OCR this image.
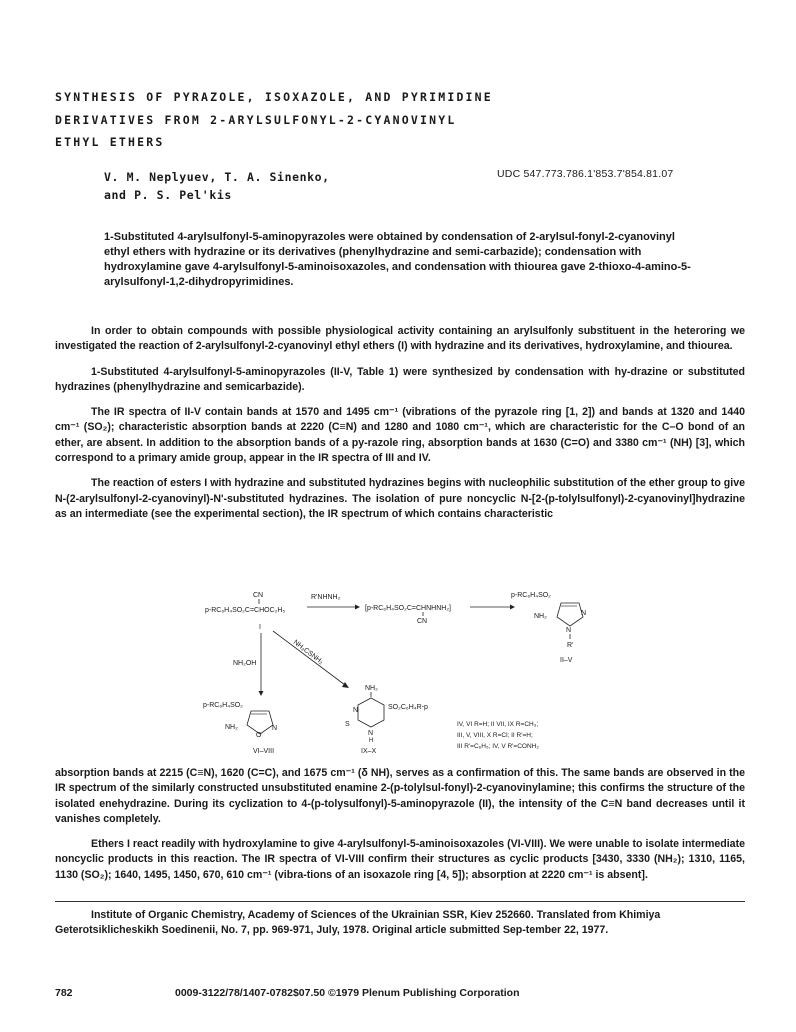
SYNTHESIS OF PYRAZOLE, ISOXAZOLE, AND PYRIMIDINE
DERIVATIVES FROM 2-ARYLSULFONYL-2-CYANOVINYL
ETHYL ETHERS
V. M. Neplyuev, T. A. Sinenko,
and P. S. Pel'kis
UDC 547.773.786.1'853.7'854.81.07
1-Substituted 4-arylsulfonyl-5-aminopyrazoles were obtained by condensation of 2-arylsul-fonyl-2-cyanovinyl ethyl ethers with hydrazine or its derivatives (phenylhydrazine and semi-carbazide); condensation with hydroxylamine gave 4-arylsulfonyl-5-aminoisoxazoles, and condensation with thiourea gave 2-thioxo-4-amino-5-arylsulfonyl-1,2-dihydropyrimidines.

In order to obtain compounds with possible physiological activity containing an arylsulfonly substituent in the heteroring we investigated the reaction of 2-arylsulfonyl-2-cyanovinyl ethyl ethers (I) with hydrazine and its derivatives, hydroxylamine, and thiourea.

1-Substituted 4-arylsulfonyl-5-aminopyrazoles (II-V, Table 1) were synthesized by condensation with hy-drazine or substituted hydrazines (phenylhydrazine and semicarbazide).

The IR spectra of II-V contain bands at 1570 and 1495 cm⁻¹ (vibrations of the pyrazole ring [1, 2]) and bands at 1320 and 1440 cm⁻¹ (SO₂); characteristic absorption bands at 2220 (C≡N) and 1280 and 1080 cm⁻¹, which are characteristic for the C–O bond of an ether, are absent. In addition to the absorption bands of a py-razole ring, absorption bands at 1630 (C=O) and 3380 cm⁻¹ (NH) [3], which correspond to a primary amide group, appear in the IR spectra of III and IV.

The reaction of esters I with hydrazine and substituted hydrazines begins with nucleophilic substitution of the ether group to give N-(2-arylsulfonyl-2-cyanovinyl)-N'-substituted hydrazines. The isolation of pure noncyclic N-[2-(p-tolylsulfonyl)-2-cyanovinyl]hydrazine as an intermediate (see the experimental section), the IR spectrum of which contains characteristic

CN
p-RC₆H₄SO₂C=CHOC₂H₅
I
R'NHNH₂
[p-RC₆H₄SO₂C=CHNHNH₂]
CN
p-RC₆H₄SO₂
NH₂	N
N
R'
II–V
NH₂OH	NH₂CSNH₂
p-RC₆H₄SO₂
NH₂
O
N
VI–VIII
NH₂
SO₂C₆H₄R-p
S
N
N
H
IX–X
IV, VI R=H; II VII, IX R=CH₃;
III, V, VIII, X R=Cl; II R'=H;
III R'=C₆H₅; IV, V R'=CONH₂

absorption bands at 2215 (C≡N), 1620 (C=C), and 1675 cm⁻¹ (δ NH), serves as a confirmation of this. The same bands are observed in the IR spectrum of the similarly constructed unsubstituted enamine 2-(p-tolylsul-fonyl)-2-cyanovinylamine; this confirms the structure of the isolated enehydrazine. During its cyclization to 4-(p-tolysulfonyl)-5-aminopyrazole (II), the intensity of the C≡N band decreases until it vanishes completely.

Ethers I react readily with hydroxylamine to give 4-arylsulfonyl-5-aminoisoxazoles (VI-VIII). We were unable to isolate intermediate noncyclic products in this reaction. The IR spectra of VI-VIII confirm their structures as cyclic products [3430, 3330 (NH₂); 1310, 1165, 1130 (SO₂); 1640, 1495, 1450, 670, 610 cm⁻¹ (vibra-tions of an isoxazole ring [4, 5]); absorption at 2220 cm⁻¹ is absent].

Institute of Organic Chemistry, Academy of Sciences of the Ukrainian SSR, Kiev 252660. Translated from Khimiya Geterotsiklicheskikh Soedinenii, No. 7, pp. 969-971, July, 1978. Original article submitted Sep-tember 22, 1977.
782	0009-3122/78/1407-0782$07.50 ©1979 Plenum Publishing Corporation
